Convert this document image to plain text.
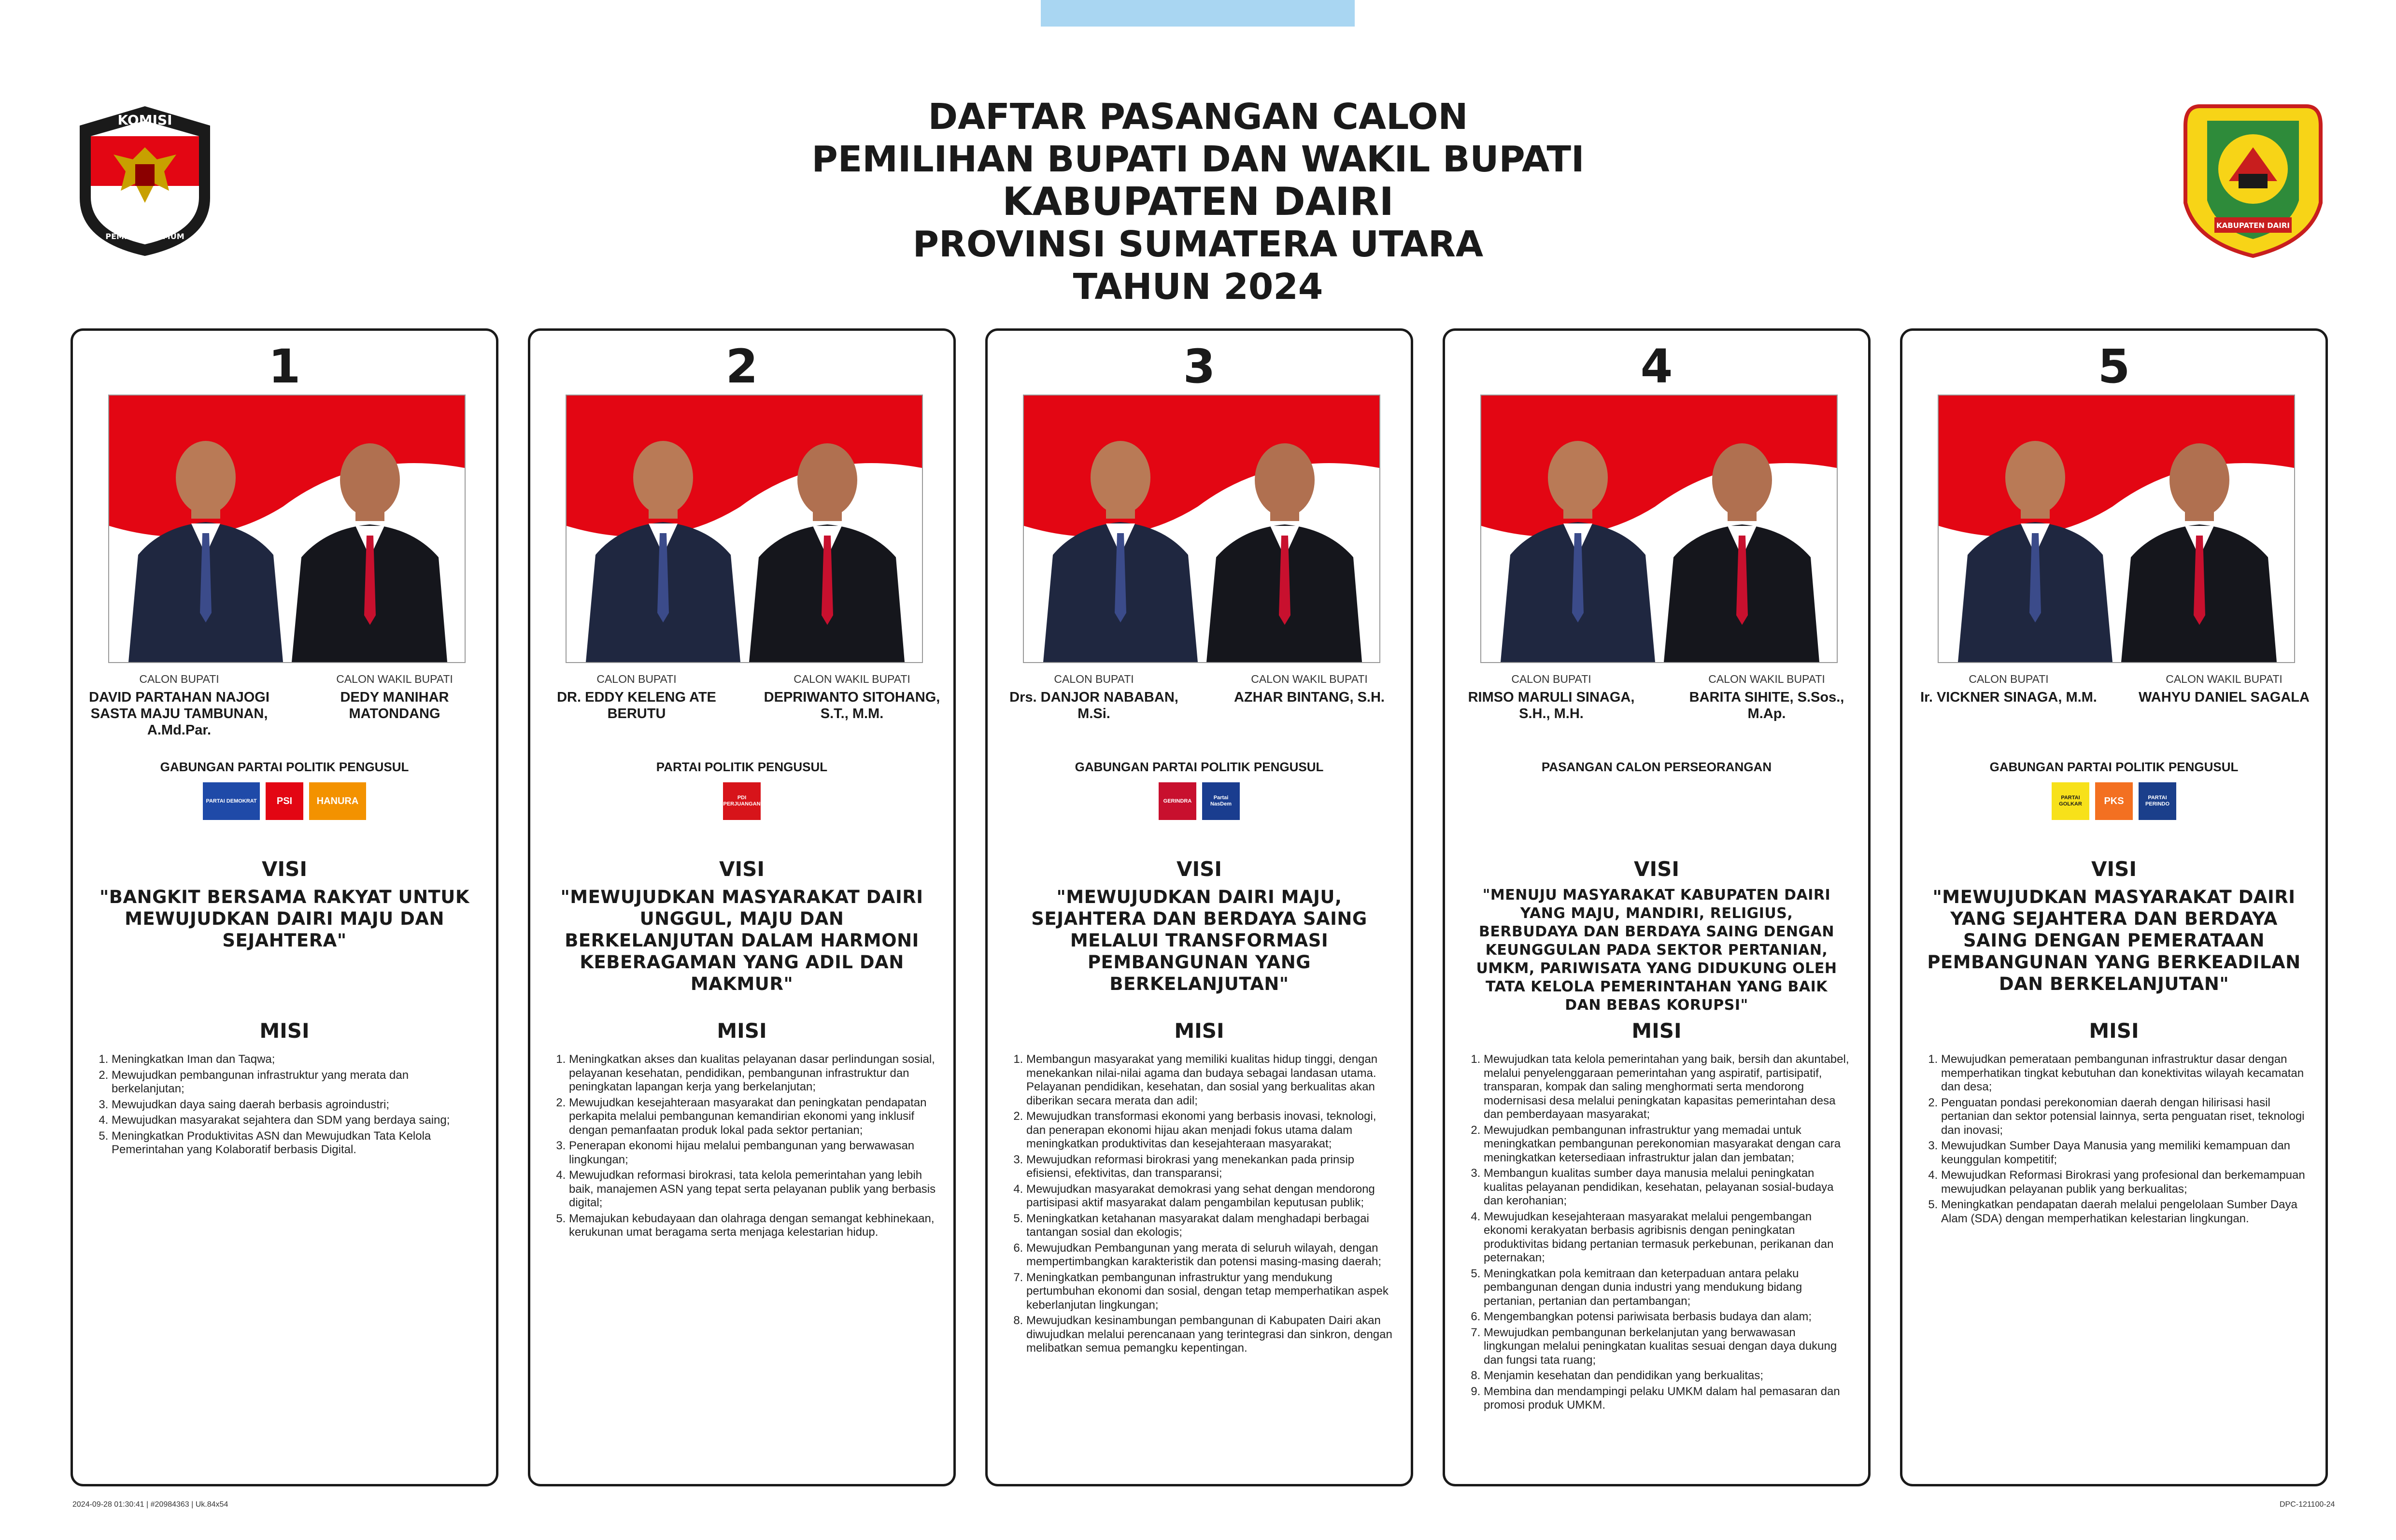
KOMISI
PEMILIHAN UMUM
KABUPATEN DAIRI
DAFTAR PASANGAN CALON
PEMILIHAN BUPATI DAN WAKIL BUPATI
KABUPATEN DAIRI
PROVINSI SUMATERA UTARA
TAHUN 2024
1
CALON BUPATI	CALON WAKIL BUPATI
DAVID PARTAHAN NAJOGI SASTA MAJU TAMBUNAN, A.Md.Par.
DEDY MANIHAR MATONDANG
GABUNGAN PARTAI POLITIK PENGUSUL
PARTAI DEMOKRAT PSI	HANURA
VISI
"BANGKIT BERSAMA RAKYAT UNTUK MEWUJUDKAN DAIRI MAJU DAN SEJAHTERA"
MISI
1. Meningkatkan Iman dan Taqwa;
2. Mewujudkan pembangunan infrastruktur yang merata dan berkelanjutan;
3. Mewujudkan daya saing daerah berbasis agroindustri;
4. Mewujudkan masyarakat sejahtera dan SDM yang berdaya saing;
5. Meningkatkan Produktivitas ASN dan Mewujudkan Tata Kelola Pemerintahan yang Kolaboratif berbasis Digital.
2
CALON BUPATI	CALON WAKIL BUPATI
DR. EDDY KELENG ATE BERUTU
DEPRIWANTO SITOHANG, S.T., M.M.
PARTAI POLITIK PENGUSUL
PDI PERJUANGAN
VISI
"MEWUJUDKAN MASYARAKAT DAIRI UNGGUL, MAJU DAN BERKELANJUTAN DALAM HARMONI KEBERAGAMAN YANG ADIL DAN MAKMUR"
MISI
1. Meningkatkan akses dan kualitas pelayanan dasar perlindungan sosial, pelayanan kesehatan, pendidikan, pembangunan infrastruktur dan peningkatan lapangan kerja yang berkelanjutan;
2. Mewujudkan kesejahteraan masyarakat dan peningkatan pendapatan perkapita melalui pembangunan kemandirian ekonomi yang inklusif dengan pemanfaatan produk lokal pada sektor pertanian;
3. Penerapan ekonomi hijau melalui pembangunan yang berwawasan lingkungan;
4. Mewujudkan reformasi birokrasi, tata kelola pemerintahan yang lebih baik, manajemen ASN yang tepat serta pelayanan publik yang berbasis digital;
5. Memajukan kebudayaan dan olahraga dengan semangat kebhinekaan, kerukunan umat beragama serta menjaga kelestarian hidup.
3
CALON BUPATI	CALON WAKIL BUPATI
Drs. DANJOR NABABAN, M.Si.
AZHAR BINTANG, S.H.
GABUNGAN PARTAI POLITIK PENGUSUL
GERINDRA
Partai NasDem
VISI
"MEWUJUDKAN DAIRI MAJU, SEJAHTERA DAN BERDAYA SAING MELALUI TRANSFORMASI PEMBANGUNAN YANG BERKELANJUTAN"
MISI
1. Membangun masyarakat yang memiliki kualitas hidup tinggi, dengan menekankan nilai-nilai agama dan budaya sebagai landasan utama. Pelayanan pendidikan, kesehatan, dan sosial yang berkualitas akan diberikan secara merata dan adil;
2. Mewujudkan transformasi ekonomi yang berbasis inovasi, teknologi, dan penerapan ekonomi hijau akan menjadi fokus utama dalam meningkatkan produktivitas dan kesejahteraan masyarakat;
3. Mewujudkan reformasi birokrasi yang menekankan pada prinsip efisiensi, efektivitas, dan transparansi;
4. Mewujudkan masyarakat demokrasi yang sehat dengan mendorong partisipasi aktif masyarakat dalam pengambilan keputusan publik;
5. Meningkatkan ketahanan masyarakat dalam menghadapi berbagai tantangan sosial dan ekologis;
6. Mewujudkan Pembangunan yang merata di seluruh wilayah, dengan mempertimbangkan karakteristik dan potensi masing-masing daerah;
7. Meningkatkan pembangunan infrastruktur yang mendukung pertumbuhan ekonomi dan sosial, dengan tetap memperhatikan aspek keberlanjutan lingkungan;
8. Mewujudkan kesinambungan pembangunan di Kabupaten Dairi akan diwujudkan melalui perencanaan yang terintegrasi dan sinkron, dengan melibatkan semua pemangku kepentingan.
4
CALON BUPATI	CALON WAKIL BUPATI
RIMSO MARULI SINAGA, S.H., M.H.
BARITA SIHITE, S.Sos., M.Ap.
PASANGAN CALON PERSEORANGAN
VISI
"MENUJU MASYARAKAT KABUPATEN DAIRI YANG MAJU, MANDIRI, RELIGIUS, BERBUDAYA DAN BERDAYA SAING DENGAN KEUNGGULAN PADA SEKTOR PERTANIAN, UMKM, PARIWISATA YANG DIDUKUNG OLEH TATA KELOLA PEMERINTAHAN YANG BAIK DAN BEBAS KORUPSI"
MISI
1. Mewujudkan tata kelola pemerintahan yang baik, bersih dan akuntabel, melalui penyelenggaraan pemerintahan yang aspiratif, partisipatif, transparan, kompak dan saling menghormati serta mendorong modernisasi desa melalui peningkatan kapasitas pemerintahan desa dan pemberdayaan masyarakat;
2. Mewujudkan pembangunan infrastruktur yang memadai untuk meningkatkan pembangunan perekonomian masyarakat dengan cara meningkatkan ketersediaan infrastruktur jalan dan jembatan;
3. Membangun kualitas sumber daya manusia melalui peningkatan kualitas pelayanan pendidikan, kesehatan, pelayanan sosial-budaya dan kerohanian;
4. Mewujudkan kesejahteraan masyarakat melalui pengembangan ekonomi kerakyatan berbasis agribisnis dengan peningkatan produktivitas bidang pertanian termasuk perkebunan, perikanan dan peternakan;
5. Meningkatkan pola kemitraan dan keterpaduan antara pelaku pembangunan dengan dunia industri yang mendukung bidang pertanian, pertanian dan pertambangan;
6. Mengembangkan potensi pariwisata berbasis budaya dan alam;
7. Mewujudkan pembangunan berkelanjutan yang berwawasan lingkungan melalui peningkatan kualitas sesuai dengan daya dukung dan fungsi tata ruang;
8. Menjamin kesehatan dan pendidikan yang berkualitas;
9. Membina dan mendampingi pelaku UMKM dalam hal pemasaran dan promosi produk UMKM.
5
CALON BUPATI	CALON WAKIL BUPATI
Ir. VICKNER SINAGA, M.M.	WAHYU DANIEL SAGALA
GABUNGAN PARTAI POLITIK PENGUSUL
PARTAI GOLKAR	PKS	PARTAI PERINDO
VISI
"MEWUJUDKAN MASYARAKAT DAIRI YANG SEJAHTERA DAN BERDAYA SAING DENGAN PEMERATAAN PEMBANGUNAN YANG BERKEADILAN DAN BERKELANJUTAN"
MISI
1. Mewujudkan pemerataan pembangunan infrastruktur dasar dengan memperhatikan tingkat kebutuhan dan konektivitas wilayah kecamatan dan desa;
2. Penguatan pondasi perekonomian daerah dengan hilirisasi hasil pertanian dan sektor potensial lainnya, serta penguatan riset, teknologi dan inovasi;
3. Mewujudkan Sumber Daya Manusia yang memiliki kemampuan dan keunggulan kompetitif;
4. Mewujudkan Reformasi Birokrasi yang profesional dan berkemampuan mewujudkan pelayanan publik yang berkualitas;
5. Meningkatkan pendapatan daerah melalui pengelolaan Sumber Daya Alam (SDA) dengan memperhatikan kelestarian lingkungan.
2024-09-28 01:30:41 | #20984363 | Uk.84x54	DPC-121100-24
